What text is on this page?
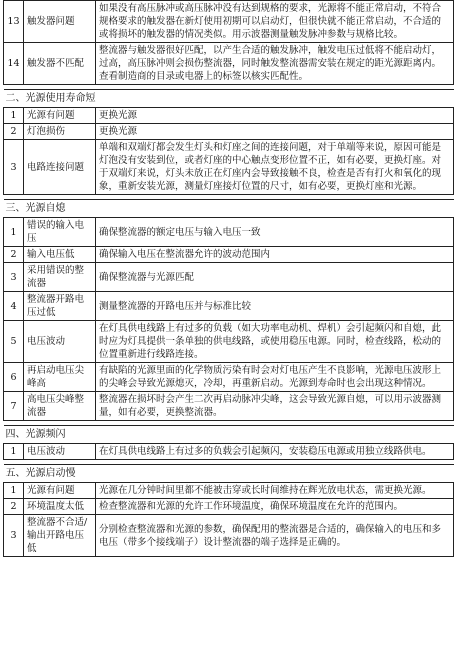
13	触发器问题	如果没有高压脉冲或高压脉冲没有达到规格的要求，光源将不能正常启动，不符合规格要求的触发器在新灯使用初期可以启动灯，但很快就不能正常启动，不合适的或将损坏的触发器的情况类似。用示波器测量触发脉冲参数与规格比较。
14	触发器不匹配	整流器与触发器很好匹配，以产生合适的触发脉冲，触发电压过低将不能启动灯，过高，高压脉冲则会损伤整流器，同时触发整流器需安装在规定的距光源距离内。查看制造商的目录或电器上的标签以核实匹配性。

二、光源使用寿命短		
1	光源有问题	更换光源
2	灯泡损伤	更换光源
3	电路连接问题	单端和双端灯都会发生灯头和灯座之间的连接问题，对于单端等来说，原因可能是灯泡没有安装到位，或者灯座的中心触点变形位置不正，如有必要，更换灯座。对于双端灯来说，灯头未放正在灯座内会导致接触不良，检查是否有打火和氧化的现象，重新安装光源，测量灯座接灯位置的尺寸，如有必要，更换灯座和光源。

三、光源自熄		
1	错误的输入电压	确保整流器的额定电压与输入电压一致
2	输入电压低	确保输入电压在整流器允许的波动范围内
3	采用错误的整流器	确保整流器与光源匹配
4	整流器开路电压过低	测量整流器的开路电压并与标准比较
5	电压波动	在灯具供电线路上有过多的负载（如大功率电动机、焊机）会引起频闪和自熄，此时应为灯具提供一条单独的供电线路，或使用稳压电源。同时，检查线路，松动的位置重新进行线路连接。
6	再启动电压尖峰高	有缺陷的光源里面的化学物质污染有时会对灯电压产生不良影响，光源电压波形上的尖峰会导致光源熄灭，冷却，再重新启动。光源到寿命时也会出现这种情况。
7	高电压尖峰整流器	整流器在损坏时会产生二次再启动脉冲尖峰，这会导致光源自熄，可以用示波器测量，如有必要，更换整流器。

四、光源频闪		
1	电压波动	在灯具供电线路上有过多的负载会引起频闪，安装稳压电源或用独立线路供电。

五、光源启动慢		
1	光源有问题	光源在几分钟时间里都不能被击穿或长时间维持在辉光放电状态，需更换光源。
2	环境温度太低	检查整流器和光源的允许工作环境温度，确保环境温度在允许的范围内。
3	整流器不合适/输出开路电压低	分别检查整流器和光源的参数，确保配用的整流器是合适的，确保输入的电压和多电压（带多个接线端子）设计整流器的端子选择是正确的。
